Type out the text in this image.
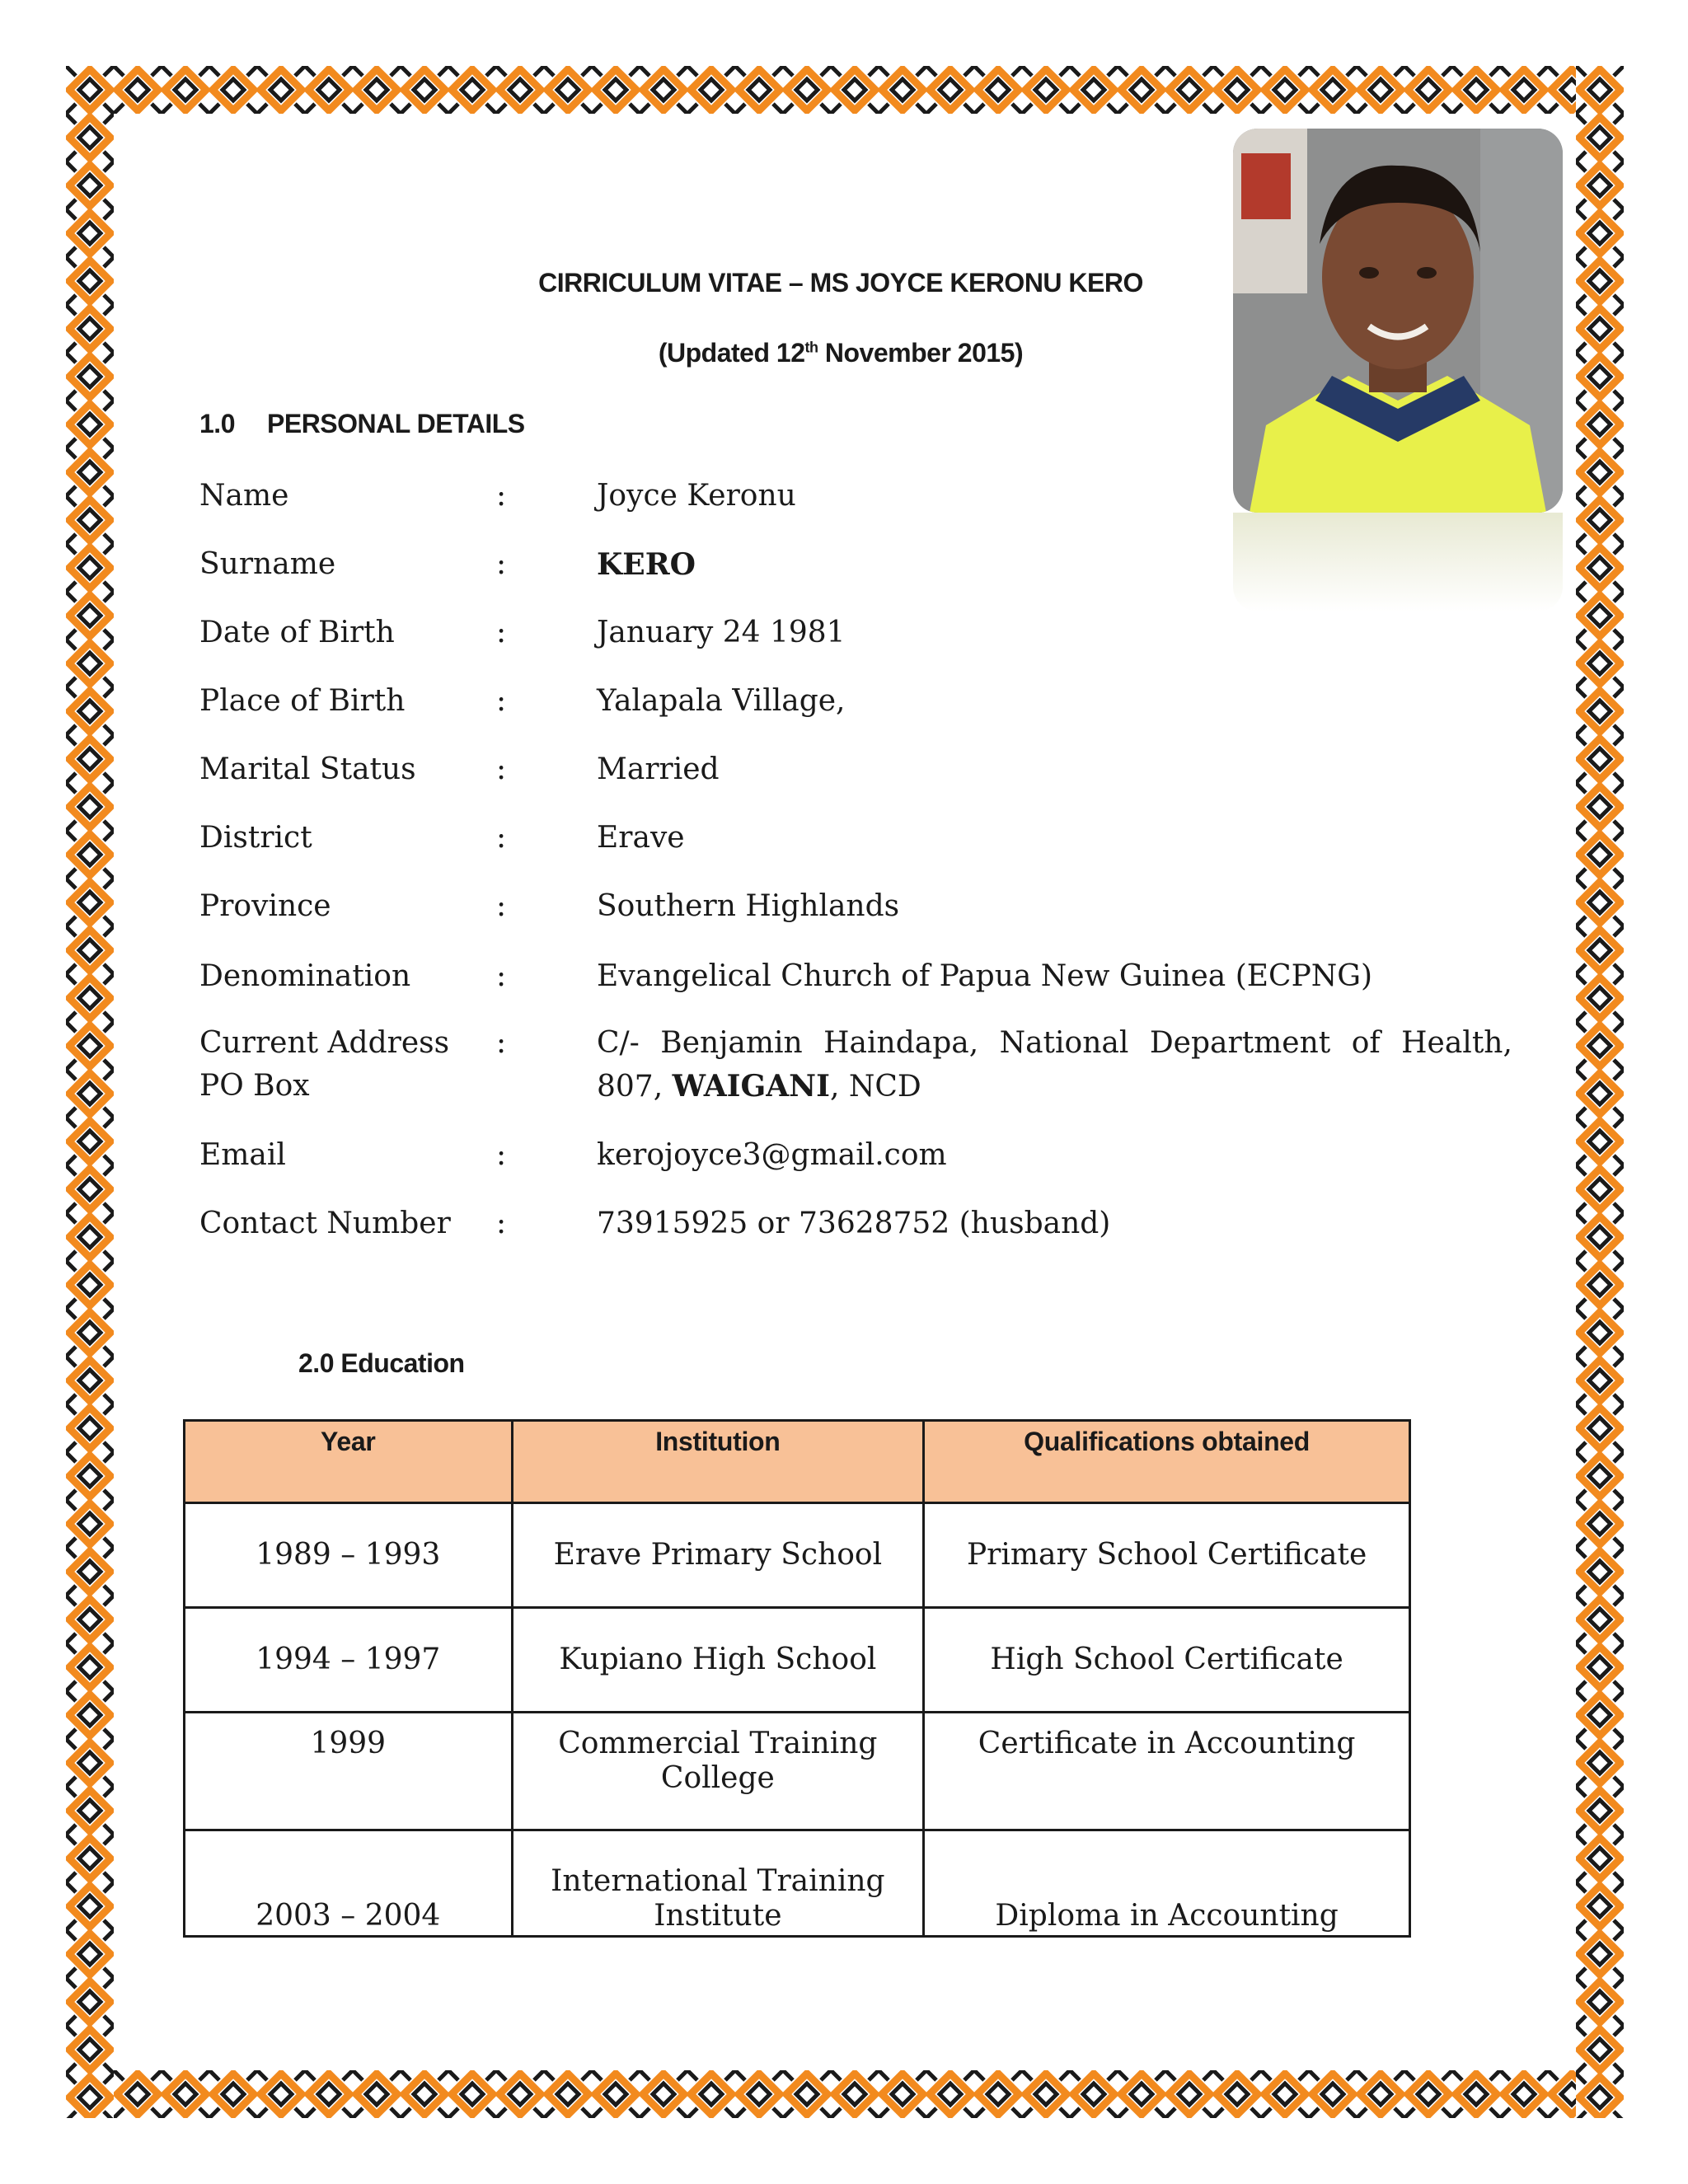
CIRRICULUM VITAE – MS JOYCE KERONU KERO
(Updated 12th November 2015)
1.0 PERSONAL DETAILS
Name	:	Joyce Keronu
Surname	:	KERO
Date of Birth	:	January 24 1981
Place of Birth	:	Yalapala Village,
Marital Status	:	Married
District	:	Erave
Province	:	Southern Highlands
Denomination	:	Evangelical Church of Papua New Guinea (ECPNG)
Current Address
PO Box
:	C/- Benjamin Haindapa, National Department of Health,
807, WAIGANI, NCD
Email	:	kerojoyce3@gmail.com
Contact Number	:	73915925 or 73628752 (husband)
2.0 Education
Year	Institution	Qualifications obtained
1989 – 1993	Erave Primary School	Primary School Certificate
1994 – 1997	Kupiano High School	High School Certificate
1999	Commercial Training College	Certificate in Accounting
2003 – 2004	International Training Institute	Diploma in Accounting
